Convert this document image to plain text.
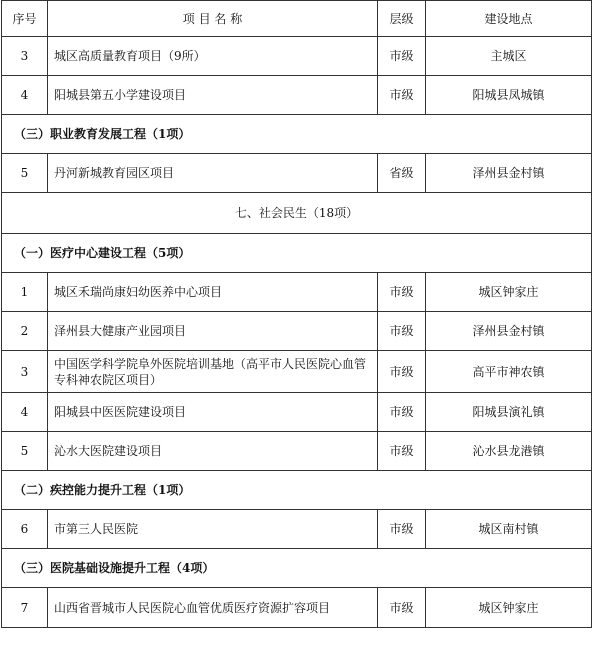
序号	项 目 名 称	层级	建设地点
3	城区高质量教育项目（9所）	市级	主城区
4	阳城县第五小学建设项目	市级	阳城县凤城镇
（三）职业教育发展工程（1项）			
5	丹河新城教育园区项目	省级	泽州县金村镇
七、社会民生（18项）			
（一）医疗中心建设工程（5项）			
1	城区禾瑞尚康妇幼医养中心项目	市级	城区钟家庄
2	泽州县大健康产业园项目	市级	泽州县金村镇
3	中国医学科学院阜外医院培训基地（高平市人民医院心血管专科神农院区项目）	市级	高平市神农镇
4	阳城县中医医院建设项目	市级	阳城县演礼镇
5	沁水大医院建设项目	市级	沁水县龙港镇
（二）疾控能力提升工程（1项）			
6	市第三人民医院	市级	城区南村镇
（三）医院基础设施提升工程（4项）			
7	山西省晋城市人民医院心血管优质医疗资源扩容项目	市级	城区钟家庄
